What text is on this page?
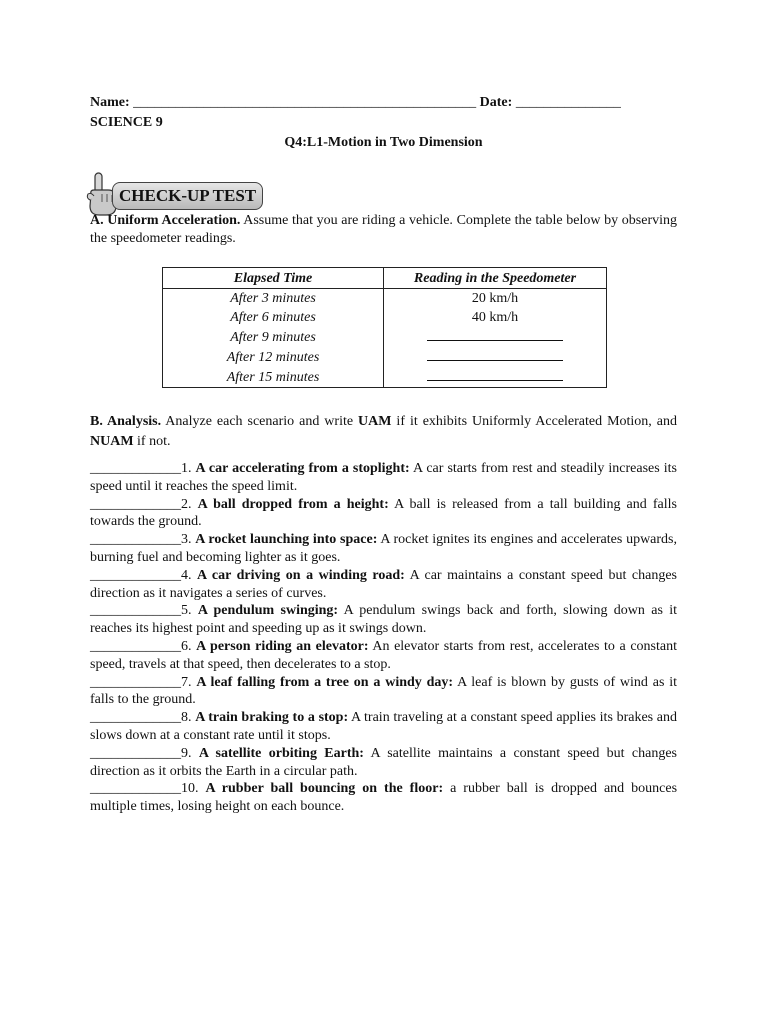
Name: _________________________________________________ Date: _______________
SCIENCE 9
Q4:L1-Motion in Two Dimension
CHECK-UP TEST

A. Uniform Acceleration. Assume that you are riding a vehicle. Complete the table below by observing the speedometer readings.

Elapsed Time	Reading in the Speedometer
After 3 minutes	20 km/h
After 6 minutes	40 km/h
After 9 minutes	
After 12 minutes	
After 15 minutes	

B. Analysis. Analyze each scenario and write UAM if it exhibits Uniformly Accelerated Motion, and NUAM if not.

_____________1. A car accelerating from a stoplight: A car starts from rest and steadily increases its speed until it reaches the speed limit.

_____________2. A ball dropped from a height: A ball is released from a tall building and falls towards the ground.

_____________3. A rocket launching into space: A rocket ignites its engines and accelerates upwards, burning fuel and becoming lighter as it goes.

_____________4. A car driving on a winding road: A car maintains a constant speed but changes direction as it navigates a series of curves.

_____________5. A pendulum swinging: A pendulum swings back and forth, slowing down as it reaches its highest point and speeding up as it swings down.

_____________6. A person riding an elevator: An elevator starts from rest, accelerates to a constant speed, travels at that speed, then decelerates to a stop.

_____________7. A leaf falling from a tree on a windy day: A leaf is blown by gusts of wind as it falls to the ground.

_____________8. A train braking to a stop: A train traveling at a constant speed applies its brakes and slows down at a constant rate until it stops.

_____________9. A satellite orbiting Earth: A satellite maintains a constant speed but changes direction as it orbits the Earth in a circular path.

_____________10. A rubber ball bouncing on the floor: a rubber ball is dropped and bounces multiple times, losing height on each bounce.
